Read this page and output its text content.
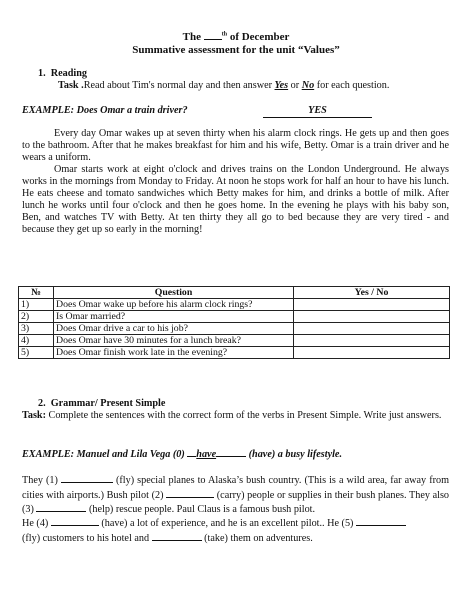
The	$^{th}$ of December
Summative assessment for the unit “Values”
1. Reading
Task .Read about Tim's normal day and then answer Yes or No for each question.
EXAMPLE: Does Omar a train driver?	YES
Every day Omar wakes up at seven thirty when his alarm clock rings. He gets up and then goes to the bathroom. After that he makes breakfast for him and his wife, Betty. Omar is a train driver and he wears a uniform.
Omar starts work at eight o'clock and drives trains on the London Underground. He always works in the mornings from Monday to Friday. At noon he stops work for half an hour to have his lunch. He eats cheese and tomato sandwiches which Betty makes for him, and drinks a bottle of milk. After lunch he works until four o'clock and then he goes home. In the evening he plays with his baby son, Ben, and watches TV with Betty. At ten thirty they all go to bed because they are very tired - and because they get up so early in the morning!
№	Question	Yes / No
1)	Does Omar wake up before his alarm clock rings?	
2)	Is Omar married?	
3)	Does Omar drive a car to his job?	
4)	Does Omar have 30 minutes for a lunch break?	
5)	Does Omar finish work late in the evening?	
2. Grammar/ Present Simple
Task: Complete the sentences with the correct form of the verbs in Present Simple. Write just answers.
EXAMPLE: Manuel and Lila Vega (0) have	(have) a busy lifestyle.
They (1)	(fly) special planes to Alaska’s bush country. (This is a wild area, far away from cities with airports.) Bush pilot (2)	(carry) people or supplies in their bush planes. They also (3)	(help) rescue people. Paul Claus is a famous bush pilot.
He (4)	(have) a lot of experience, and he is an excellent pilot.. He (5)
(fly) customers to his hotel and	(take) them on adventures.
